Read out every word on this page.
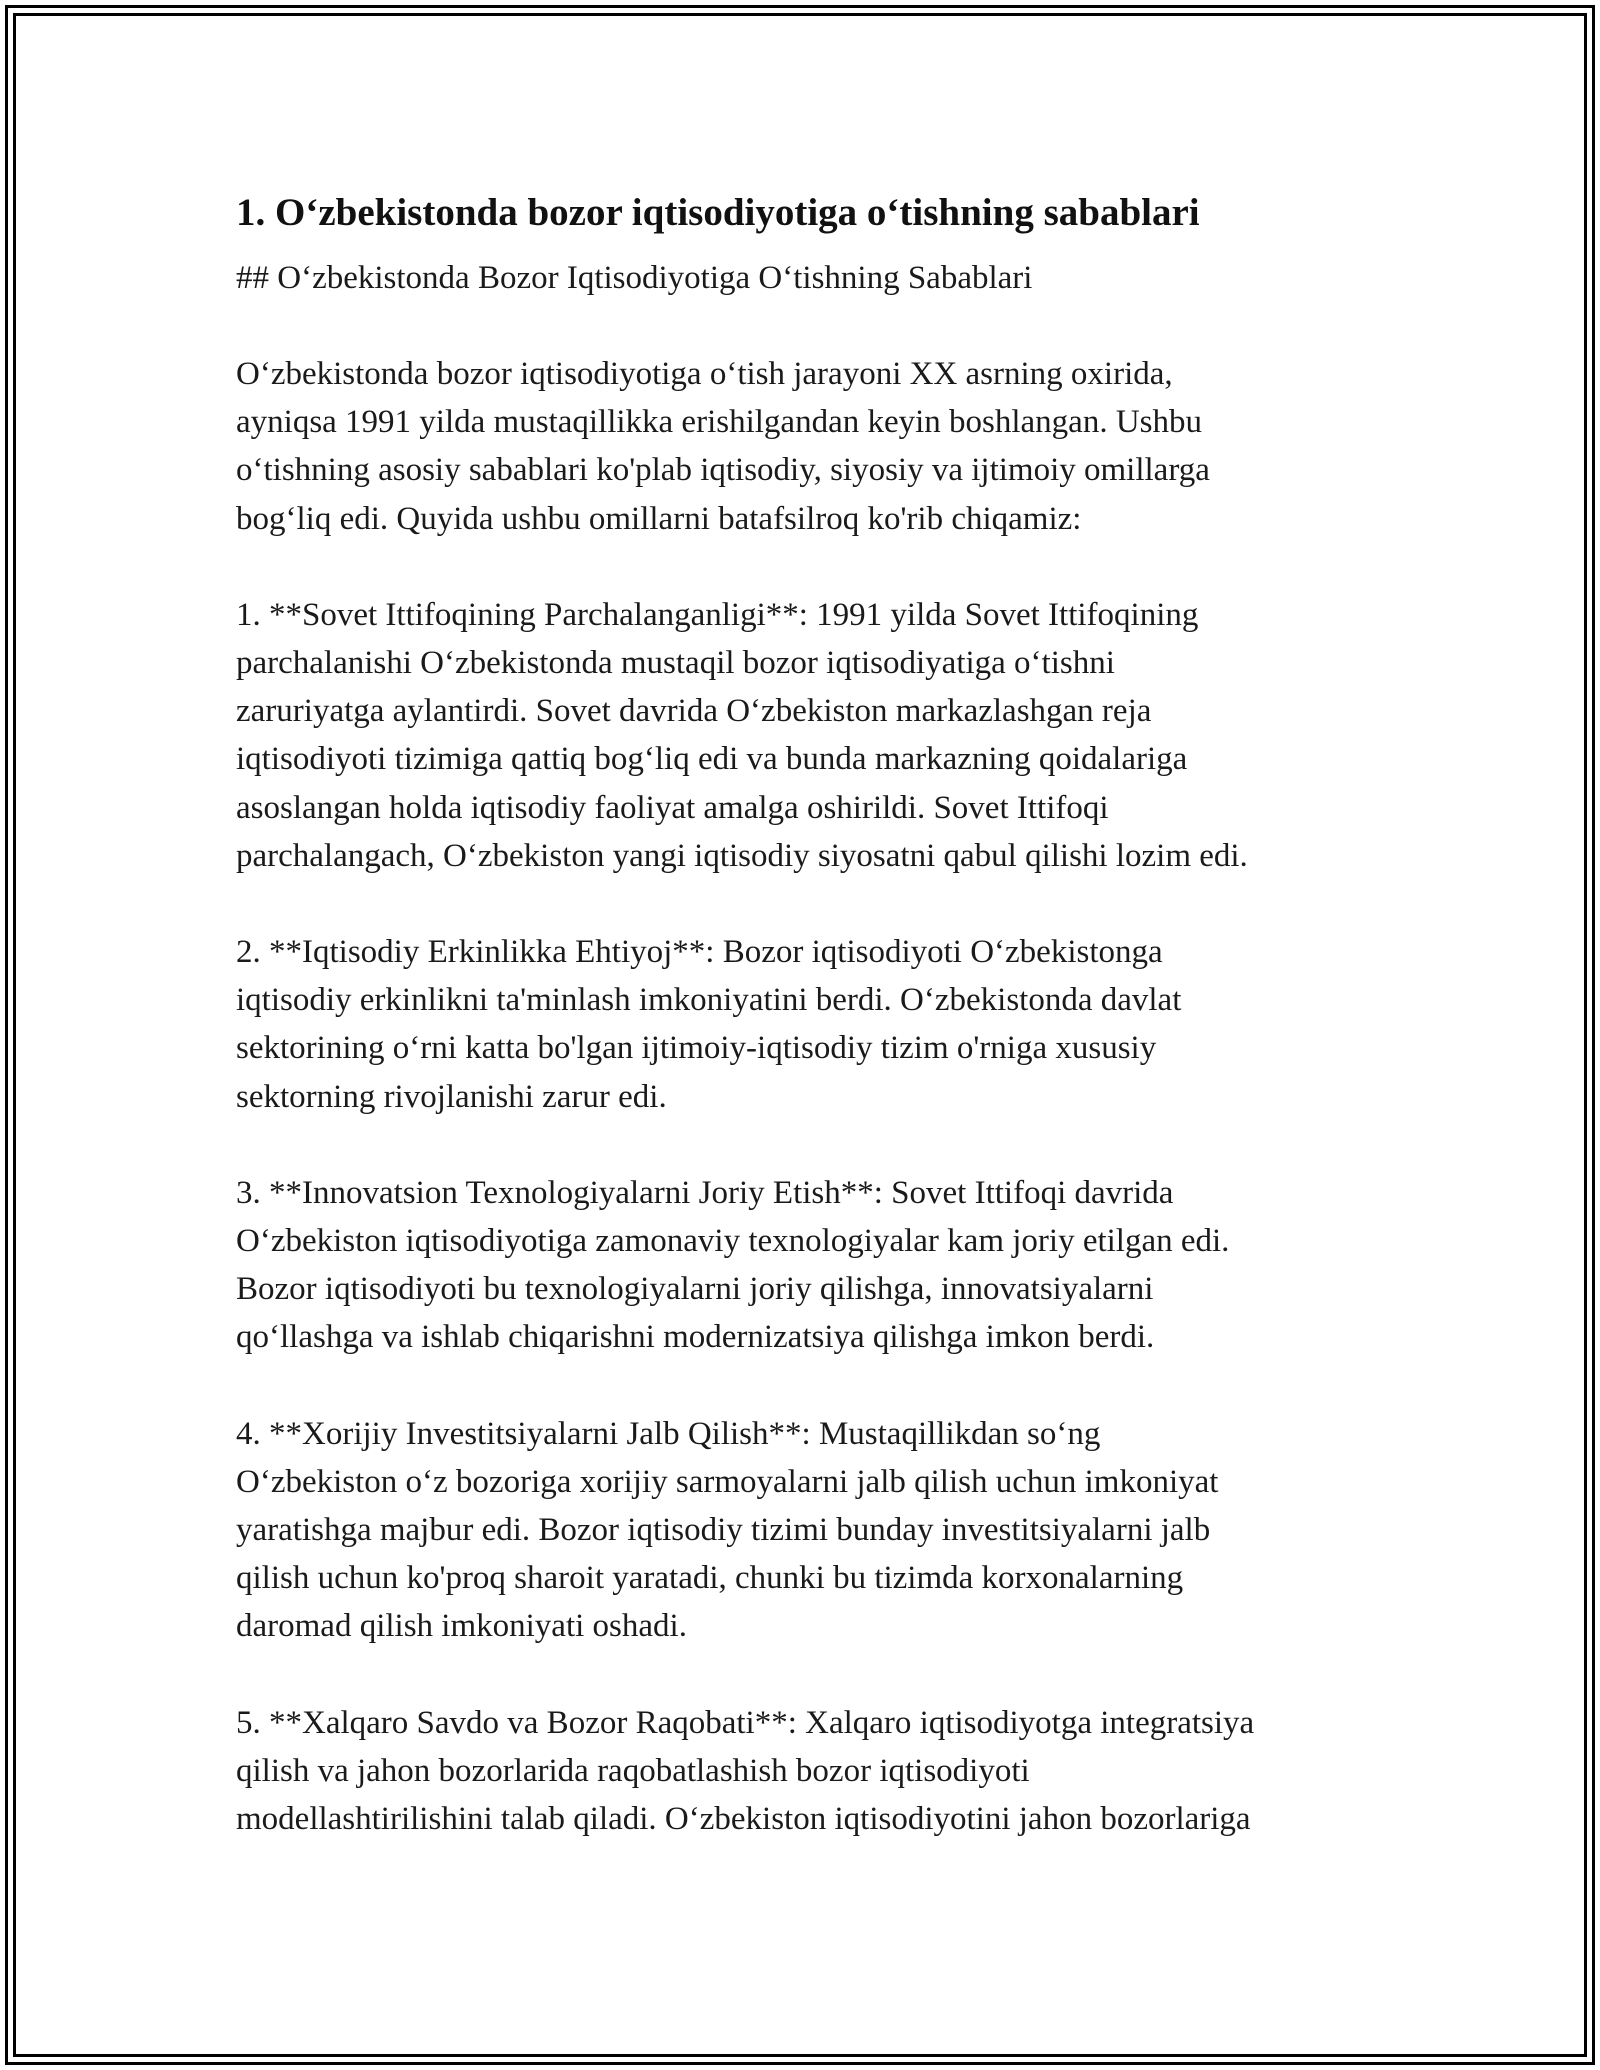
1. O‘zbekistonda bozor iqtisodiyotiga o‘tishning sabablari
## O‘zbekistonda Bozor Iqtisodiyotiga O‘tishning Sabablari
O‘zbekistonda bozor iqtisodiyotiga o‘tish jarayoni XX asrning oxirida,
ayniqsa 1991 yilda mustaqillikka erishilgandan keyin boshlangan. Ushbu
o‘tishning asosiy sabablari ko'plab iqtisodiy, siyosiy va ijtimoiy omillarga
bog‘liq edi. Quyida ushbu omillarni batafsilroq ko'rib chiqamiz:
1. **Sovet Ittifoqining Parchalanganligi**: 1991 yilda Sovet Ittifoqining
parchalanishi O‘zbekistonda mustaqil bozor iqtisodiyatiga o‘tishni
zaruriyatga aylantirdi. Sovet davrida O‘zbekiston markazlashgan reja
iqtisodiyoti tizimiga qattiq bog‘liq edi va bunda markazning qoidalariga
asoslangan holda iqtisodiy faoliyat amalga oshirildi. Sovet Ittifoqi
parchalangach, O‘zbekiston yangi iqtisodiy siyosatni qabul qilishi lozim edi.
2. **Iqtisodiy Erkinlikka Ehtiyoj**: Bozor iqtisodiyoti O‘zbekistonga
iqtisodiy erkinlikni ta'minlash imkoniyatini berdi. O‘zbekistonda davlat
sektorining o‘rni katta bo'lgan ijtimoiy-iqtisodiy tizim o'rniga xususiy
sektorning rivojlanishi zarur edi.
3. **Innovatsion Texnologiyalarni Joriy Etish**: Sovet Ittifoqi davrida
O‘zbekiston iqtisodiyotiga zamonaviy texnologiyalar kam joriy etilgan edi.
Bozor iqtisodiyoti bu texnologiyalarni joriy qilishga, innovatsiyalarni
qo‘llashga va ishlab chiqarishni modernizatsiya qilishga imkon berdi.
4. **Xorijiy Investitsiyalarni Jalb Qilish**: Mustaqillikdan so‘ng
O‘zbekiston o‘z bozoriga xorijiy sarmoyalarni jalb qilish uchun imkoniyat
yaratishga majbur edi. Bozor iqtisodiy tizimi bunday investitsiyalarni jalb
qilish uchun ko'proq sharoit yaratadi, chunki bu tizimda korxonalarning
daromad qilish imkoniyati oshadi.
5. **Xalqaro Savdo va Bozor Raqobati**: Xalqaro iqtisodiyotga integratsiya
qilish va jahon bozorlarida raqobatlashish bozor iqtisodiyoti
modellashtirilishini talab qiladi. O‘zbekiston iqtisodiyotini jahon bozorlariga
